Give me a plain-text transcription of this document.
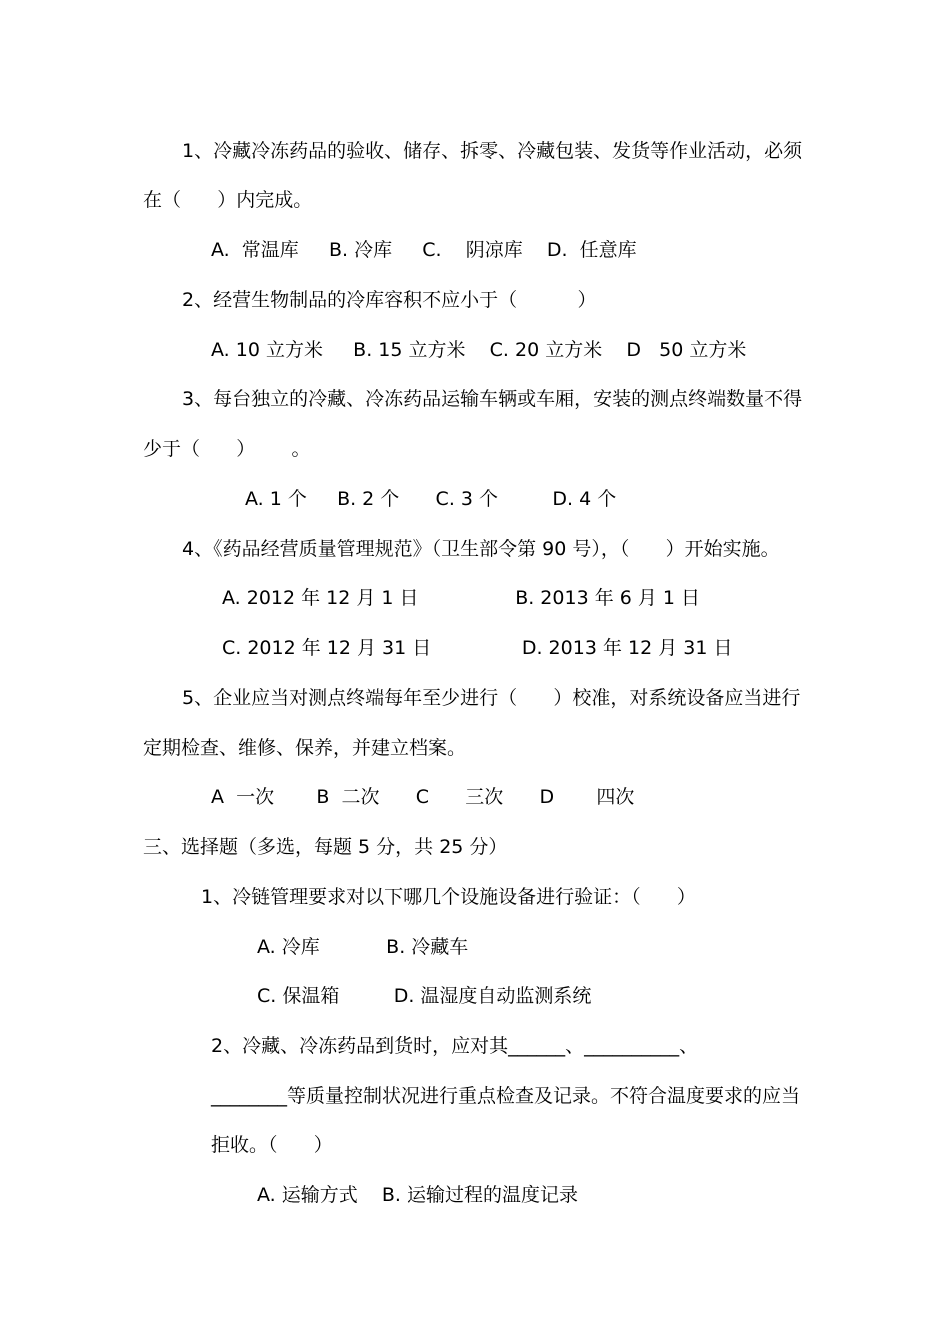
1、冷藏冷冻药品的验收、储存、拆零、冷藏包装、发货等作业活动，必须
在（      ）内完成。
A.  常温库     B. 冷库     C.    阴凉库    D.  任意库
2、经营生物制品的冷库容积不应小于（          ）
A. 10 立方米     B. 15 立方米    C. 20 立方米    D   50 立方米
3、每台独立的冷藏、冷冻药品运输车辆或车厢，安装的测点终端数量不得
少于（      ）      。
A. 1 个     B. 2 个      C. 3 个         D. 4 个
4、《药品经营质量管理规范》（卫生部令第 90 号），（      ）开始实施。
A. 2012 年 12 月 1 日                B. 2013 年 6 月 1 日
C. 2012 年 12 月 31 日               D. 2013 年 12 月 31 日
5、企业应当对测点终端每年至少进行（      ）校准，对系统设备应当进行
定期检查、维修、保养，并建立档案。
A  一次       B  二次      C      三次      D       四次
三、选择题（多选，每题 5 分，共 25 分）
1、冷链管理要求对以下哪几个设施设备进行验证：（      ）
A. 冷库           B. 冷藏车
C. 保温箱         D. 温湿度自动监测系统
2、冷藏、冷冻药品到货时，应对其______、__________、
________等质量控制状况进行重点检查及记录。不符合温度要求的应当
拒收。（      ）
A. 运输方式    B. 运输过程的温度记录
